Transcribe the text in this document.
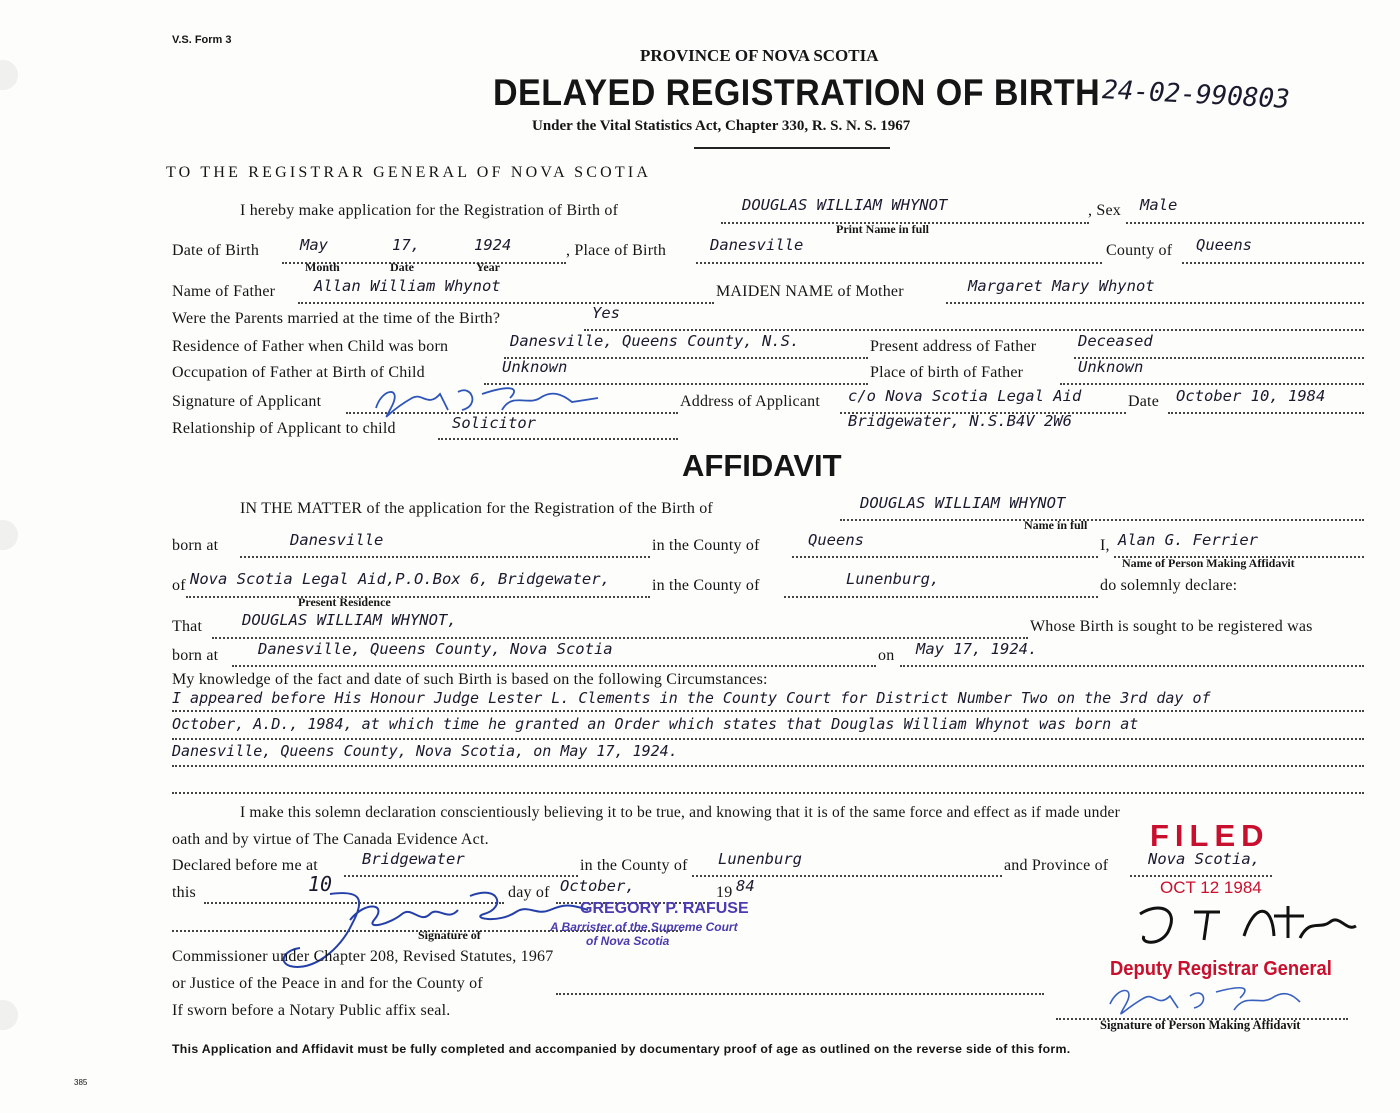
V.S. Form 3
PROVINCE OF NOVA SCOTIA
DELAYED REGISTRATION OF BIRTH 24-02-990803
Under the Vital Statistics Act, Chapter 330, R. S. N. S. 1967
TO THE REGISTRAR GENERAL OF NOVA SCOTIA
I hereby make application for the Registration of Birth of	DOUGLAS WILLIAM WHYNOT	, Sex Male
Print Name in full
Date of Birth	May	17,	1924
Month	Date	Year
, Place of Birth	Danesville	County of Queens
Name of Father	Allan William Whynot	MAIDEN NAME of Mother	Margaret Mary Whynot
Were the Parents married at the time of the Birth?	Yes
Residence of Father when Child was born	Danesville, Queens County, N.S.	Present address of Father	Deceased
Occupation of Father at Birth of Child	Unknown	Place of birth of Father	Unknown
Signature of Applicant	Address of Applicant c/o Nova Scotia Legal Aid	Date October 10, 1984
Relationship of Applicant to child	Solicitor	Bridgewater, N.S.B4V 2W6
AFFIDAVIT
IN THE MATTER of the application for the Registration of the Birth of	DOUGLAS WILLIAM WHYNOT
Name in full
born at	Danesville	in the County of	Queens	I, Alan G. Ferrier
Name of Person Making Affidavit
of Nova Scotia Legal Aid,P.O.Box 6, Bridgewater,
Present Residence
in the County of	Lunenburg,	do solemnly declare:
That	DOUGLAS WILLIAM WHYNOT,	Whose Birth is sought to be registered was
born at	Danesville, Queens County, Nova Scotia	on May 17, 1924.
My knowledge of the fact and date of such Birth is based on the following Circumstances:
I appeared before His Honour Judge Lester L. Clements in the County Court for District Number Two on the 3rd day of
October, A.D., 1984, at which time he granted an Order which states that Douglas William Whynot was born at
Danesville, Queens County, Nova Scotia, on May 17, 1924.
I make this solemn declaration conscientiously believing it to be true, and knowing that it is of the same force and effect as if made under
oath and by virtue of The Canada Evidence Act.	FILED
OCT 12 1984
Declared before me at	Bridgewater	in the County of Lunenburg	and Province of	Nova Scotia,
this	10	day of October,	19 84
Signature of
GREGORY P. RAFUSE
A Barrister of the Supreme Court
of Nova Scotia
Commissioner under Chapter 208, Revised Statutes, 1967
or Justice of the Peace in and for the County of
If sworn before a Notary Public affix seal.
Deputy Registrar General
Signature of Person Making Affidavit
This Application and Affidavit must be fully completed and accompanied by documentary proof of age as outlined on the reverse side of this form.
385
